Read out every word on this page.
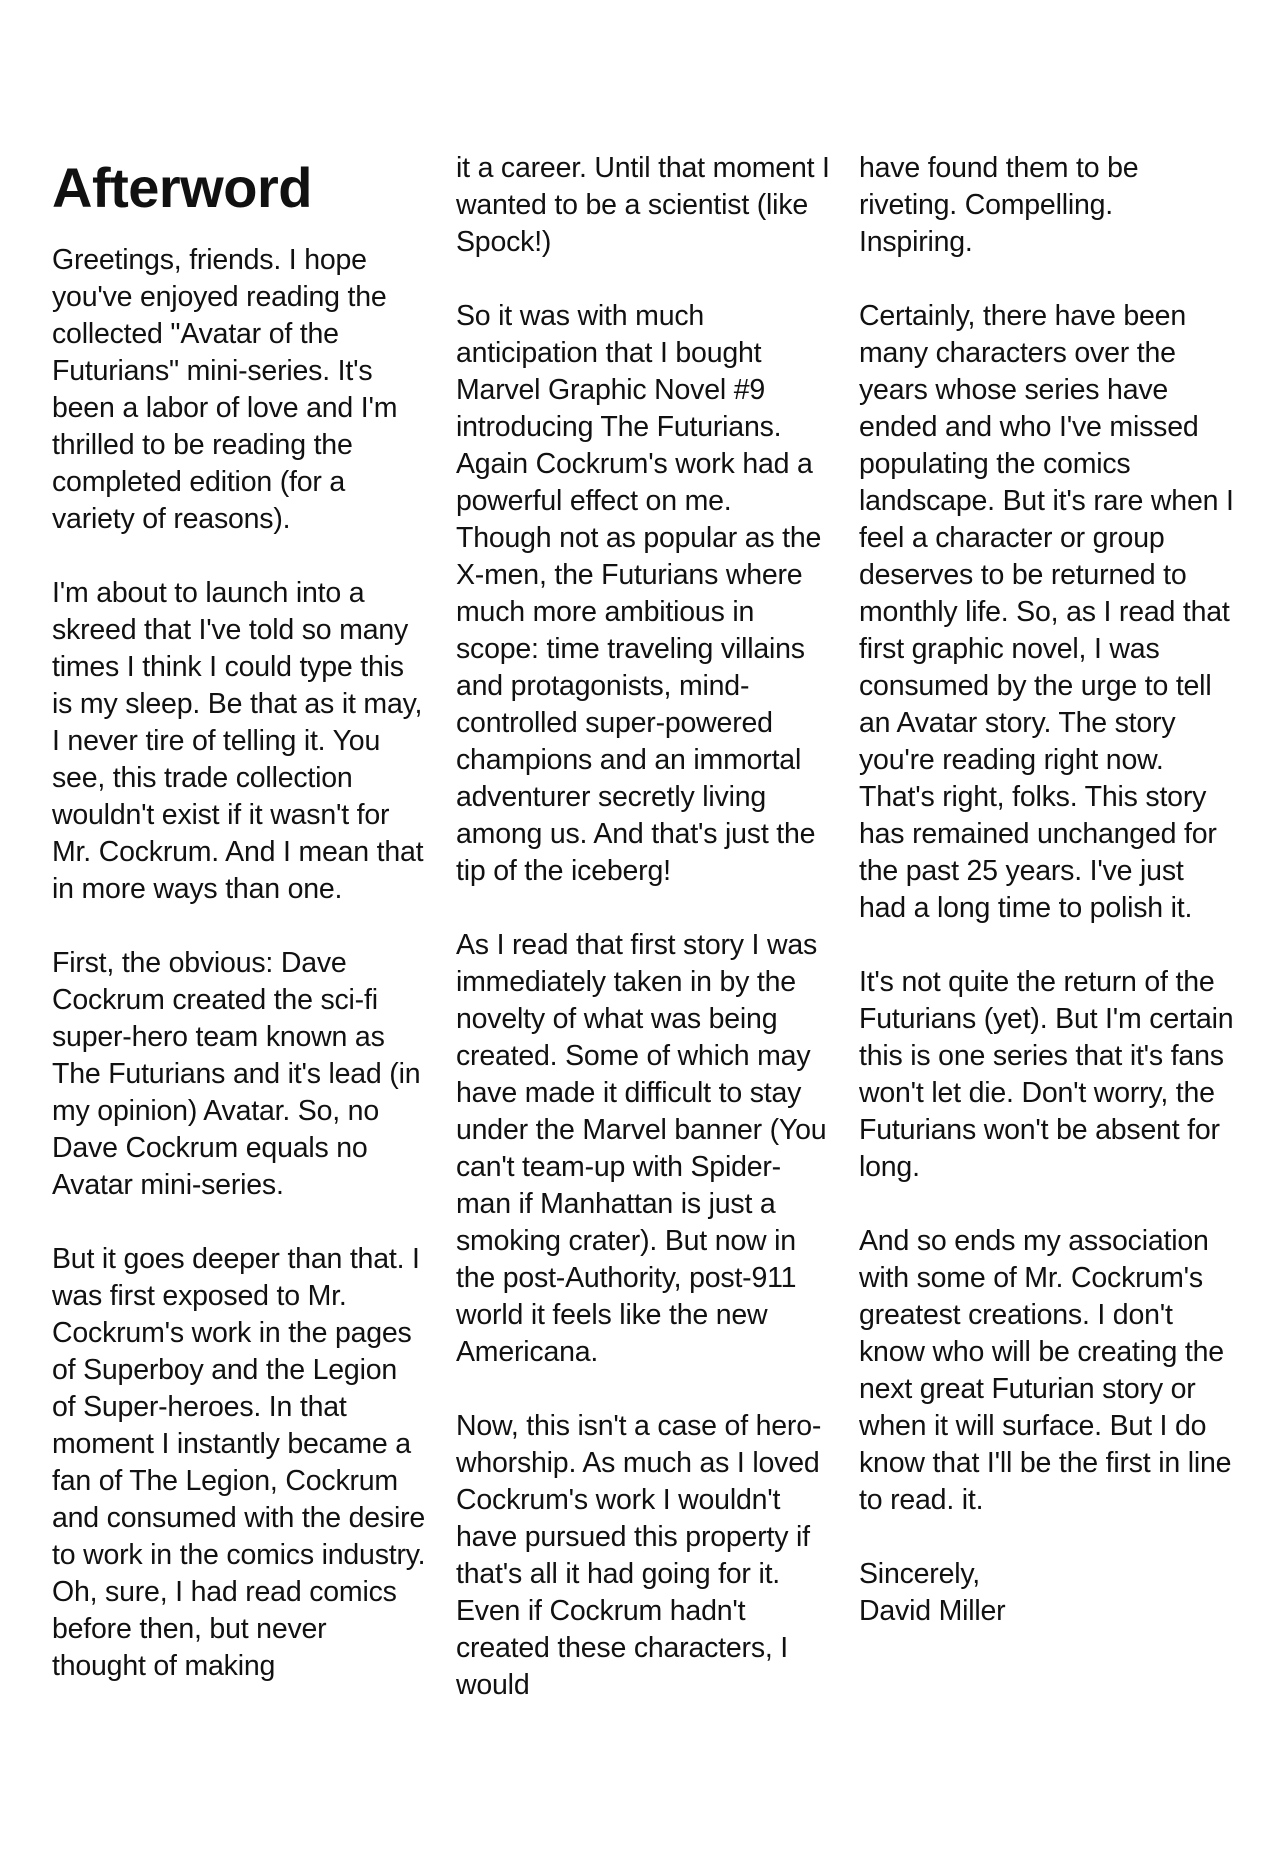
Afterword

Greetings, friends. I hope you've enjoyed reading the collected "Avatar of the Futurians" mini-series. It's been a labor of love and I'm thrilled to be reading the completed edition (for a variety of reasons).

I'm about to launch into a skreed that I've told so many times I think I could type this is my sleep. Be that as it may, I never tire of telling it. You see, this trade collection wouldn't exist if it wasn't for Mr. Cockrum. And I mean that in more ways than one.

First, the obvious: Dave Cockrum created the sci-fi super-hero team known as The Futurians and it's lead (in my opinion) Avatar. So, no Dave Cockrum equals no Avatar mini-series.

But it goes deeper than that. I was first exposed to Mr. Cockrum's work in the pages of Superboy and the Legion of Super-heroes. In that moment I instantly became a fan of The Legion, Cockrum and consumed with the desire to work in the comics industry. Oh, sure, I had read comics before then, but never thought of making

it a career. Until that moment I wanted to be a scientist (like Spock!)

So it was with much anticipation that I bought Marvel Graphic Novel #9 introducing The Futurians. Again Cockrum's work had a powerful effect on me. Though not as popular as the X-men, the Futurians where much more ambitious in scope: time traveling villains and protagonists, mind-controlled super-powered champions and an immortal adventurer secretly living among us. And that's just the tip of the iceberg!

As I read that first story I was immediately taken in by the novelty of what was being created. Some of which may have made it difficult to stay under the Marvel banner (You can't team-up with Spider-man if Manhattan is just a smoking crater). But now in the post-Authority, post-911 world it feels like the new Americana.

Now, this isn't a case of hero-whorship. As much as I loved Cockrum's work I wouldn't have pursued this property if that's all it had going for it. Even if Cockrum hadn't created these characters, I would

have found them to be riveting. Compelling. Inspiring.

Certainly, there have been many characters over the years whose series have ended and who I've missed populating the comics landscape. But it's rare when I feel a character or group deserves to be returned to monthly life. So, as I read that first graphic novel, I was consumed by the urge to tell an Avatar story. The story you're reading right now. That's right, folks. This story has remained unchanged for the past 25 years. I've just had a long time to polish it.

It's not quite the return of the Futurians (yet). But I'm certain this is one series that it's fans won't let die. Don't worry, the Futurians won't be absent for long.

And so ends my association with some of Mr. Cockrum's greatest creations. I don't know who will be creating the next great Futurian story or when it will surface. But I do know that I'll be the first in line to read. it.

Sincerely,
David Miller
